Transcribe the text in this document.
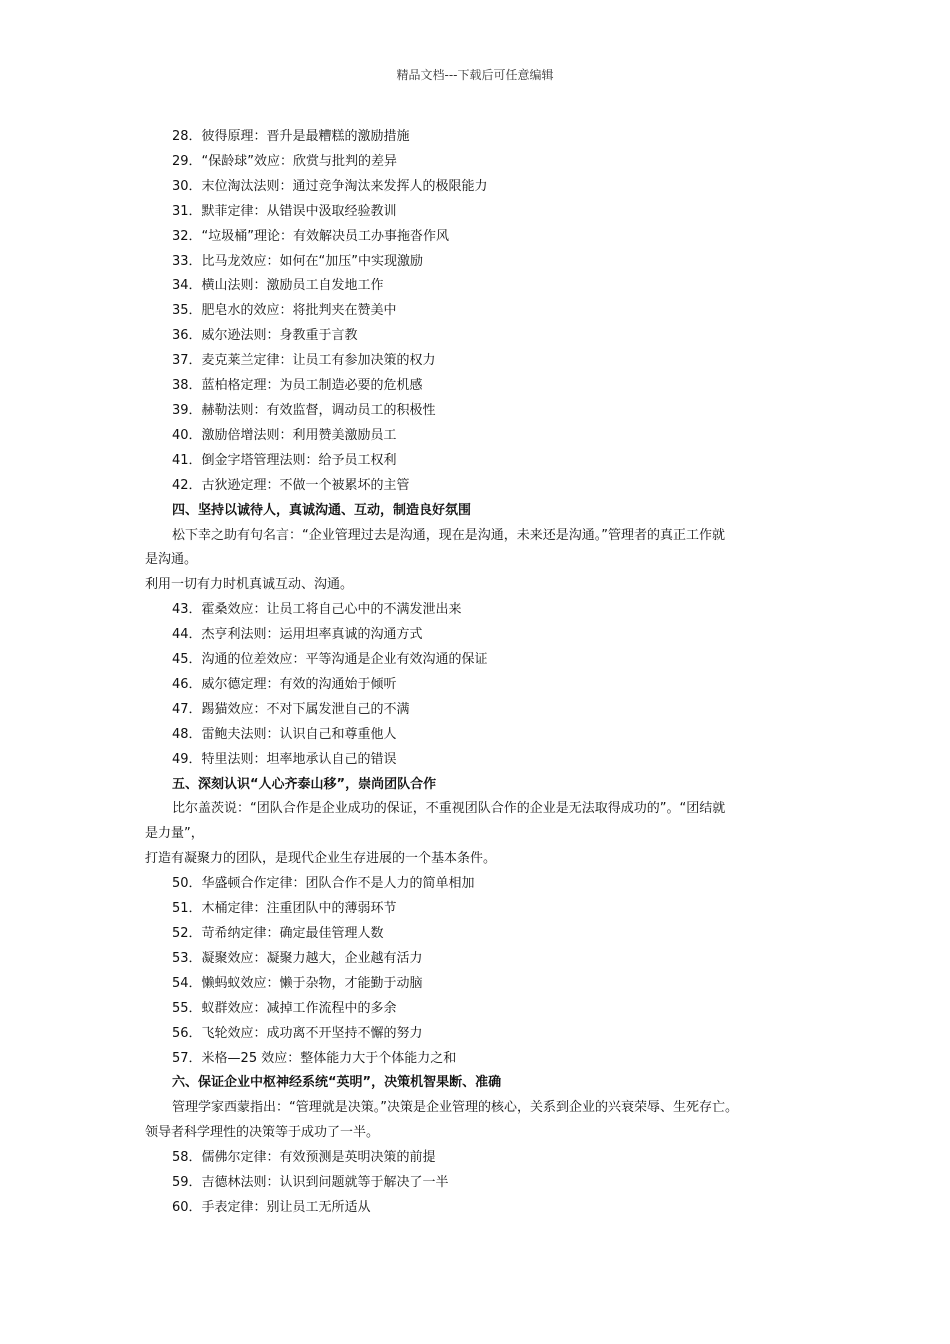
精品文档---下载后可任意编辑

28．彼得原理：晋升是最糟糕的激励措施

29．“保龄球”效应：欣赏与批判的差异

30．末位淘汰法则：通过竞争淘汰来发挥人的极限能力

31．默菲定律：从错误中汲取经验教训

32．“垃圾桶”理论：有效解决员工办事拖沓作风

33．比马龙效应：如何在“加压”中实现激励

34．横山法则：激励员工自发地工作

35．肥皂水的效应：将批判夹在赞美中

36．威尔逊法则：身教重于言教

37．麦克莱兰定律：让员工有参加决策的权力

38．蓝柏格定理：为员工制造必要的危机感

39．赫勒法则：有效监督，调动员工的积极性

40．激励倍增法则：利用赞美激励员工

41．倒金字塔管理法则：给予员工权利

42．古狄逊定理：不做一个被累坏的主管

四、坚持以诚待人，真诚沟通、互动，制造良好氛围

松下幸之助有句名言：“企业管理过去是沟通，现在是沟通，未来还是沟通。”管理者的真正工作就

是沟通。

利用一切有力时机真诚互动、沟通。

43．霍桑效应：让员工将自己心中的不满发泄出来

44．杰亨利法则：运用坦率真诚的沟通方式

45．沟通的位差效应：平等沟通是企业有效沟通的保证

46．威尔德定理：有效的沟通始于倾听

47．踢猫效应：不对下属发泄自己的不满

48．雷鲍夫法则：认识自己和尊重他人

49．特里法则：坦率地承认自己的错误

五、深刻认识“人心齐泰山移”，崇尚团队合作

比尔盖茨说：“团队合作是企业成功的保证，不重视团队合作的企业是无法取得成功的”。“团结就

是力量”，

打造有凝聚力的团队，是现代企业生存进展的一个基本条件。

50．华盛顿合作定律：团队合作不是人力的简单相加

51．木桶定律：注重团队中的薄弱环节

52．苛希纳定律：确定最佳管理人数

53．凝聚效应：凝聚力越大，企业越有活力

54．懒蚂蚁效应：懒于杂物，才能勤于动脑

55．蚁群效应：减掉工作流程中的多余

56．飞轮效应：成功离不开坚持不懈的努力

57．米格—25 效应：整体能力大于个体能力之和

六、保证企业中枢神经系统“英明”，决策机智果断、准确

管理学家西蒙指出：“管理就是决策。”决策是企业管理的核心，关系到企业的兴衰荣辱、生死存亡。

领导者科学理性的决策等于成功了一半。

58．儒佛尔定律：有效预测是英明决策的前提

59．吉德林法则：认识到问题就等于解决了一半

60．手表定律：别让员工无所适从
